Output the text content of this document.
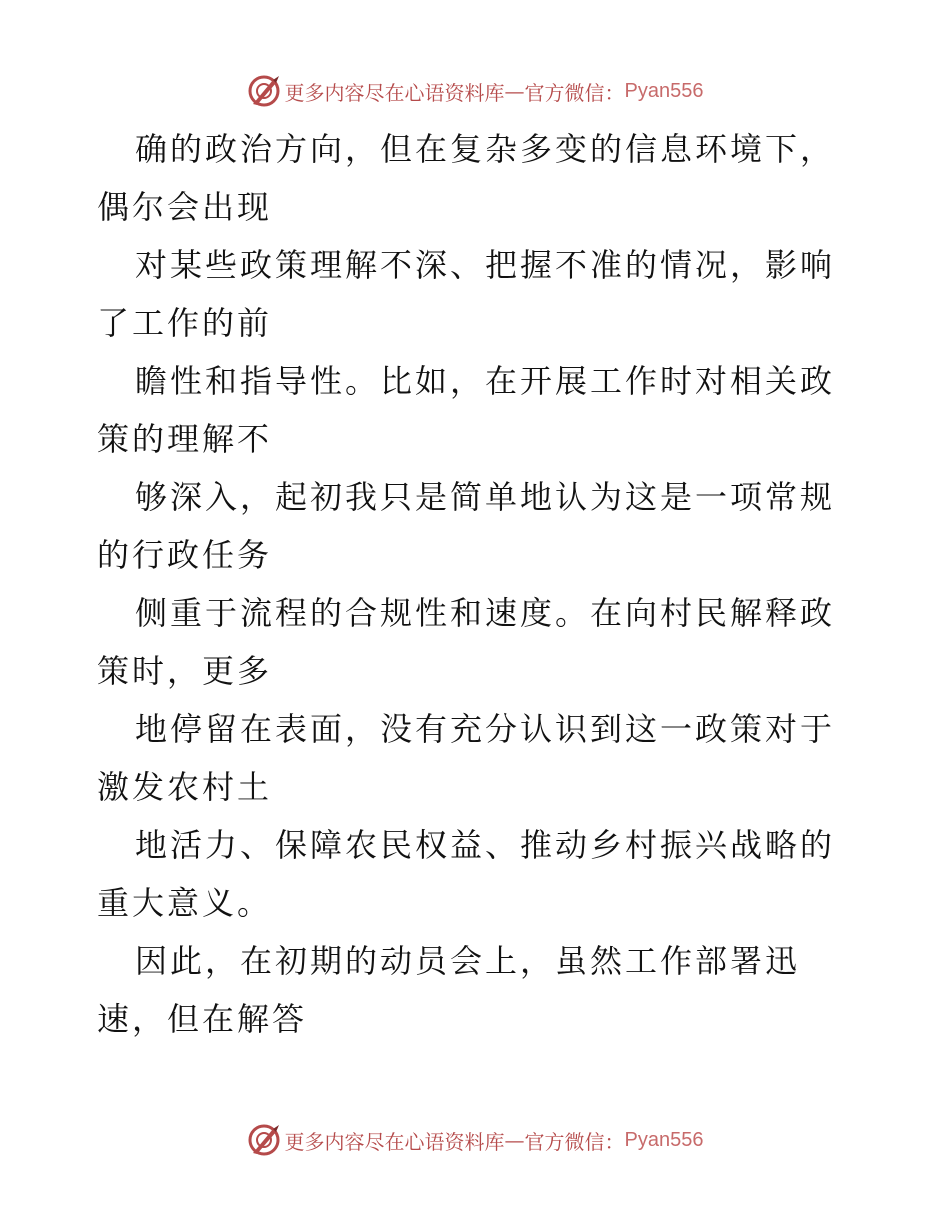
更多内容尽在心语资料库 — 官方微信： Pyan556

确的政治方向，但在复杂多变的信息环境下，偶尔会出现

对某些政策理解不深、把握不准的情况，影响了工作的前

瞻性和指导性。比如，在开展工作时对相关政策的理解不

够深入，起初我只是简单地认为这是一项常规的行政任务

侧重于流程的合规性和速度。在向村民解释政策时，更多

地停留在表面，没有充分认识到这一政策对于激发农村土

地活力、保障农民权益、推动乡村振兴战略的重大意义。

因此，在初期的动员会上，虽然工作部署迅速，但在解答

更多内容尽在心语资料库 — 官方微信： Pyan556
